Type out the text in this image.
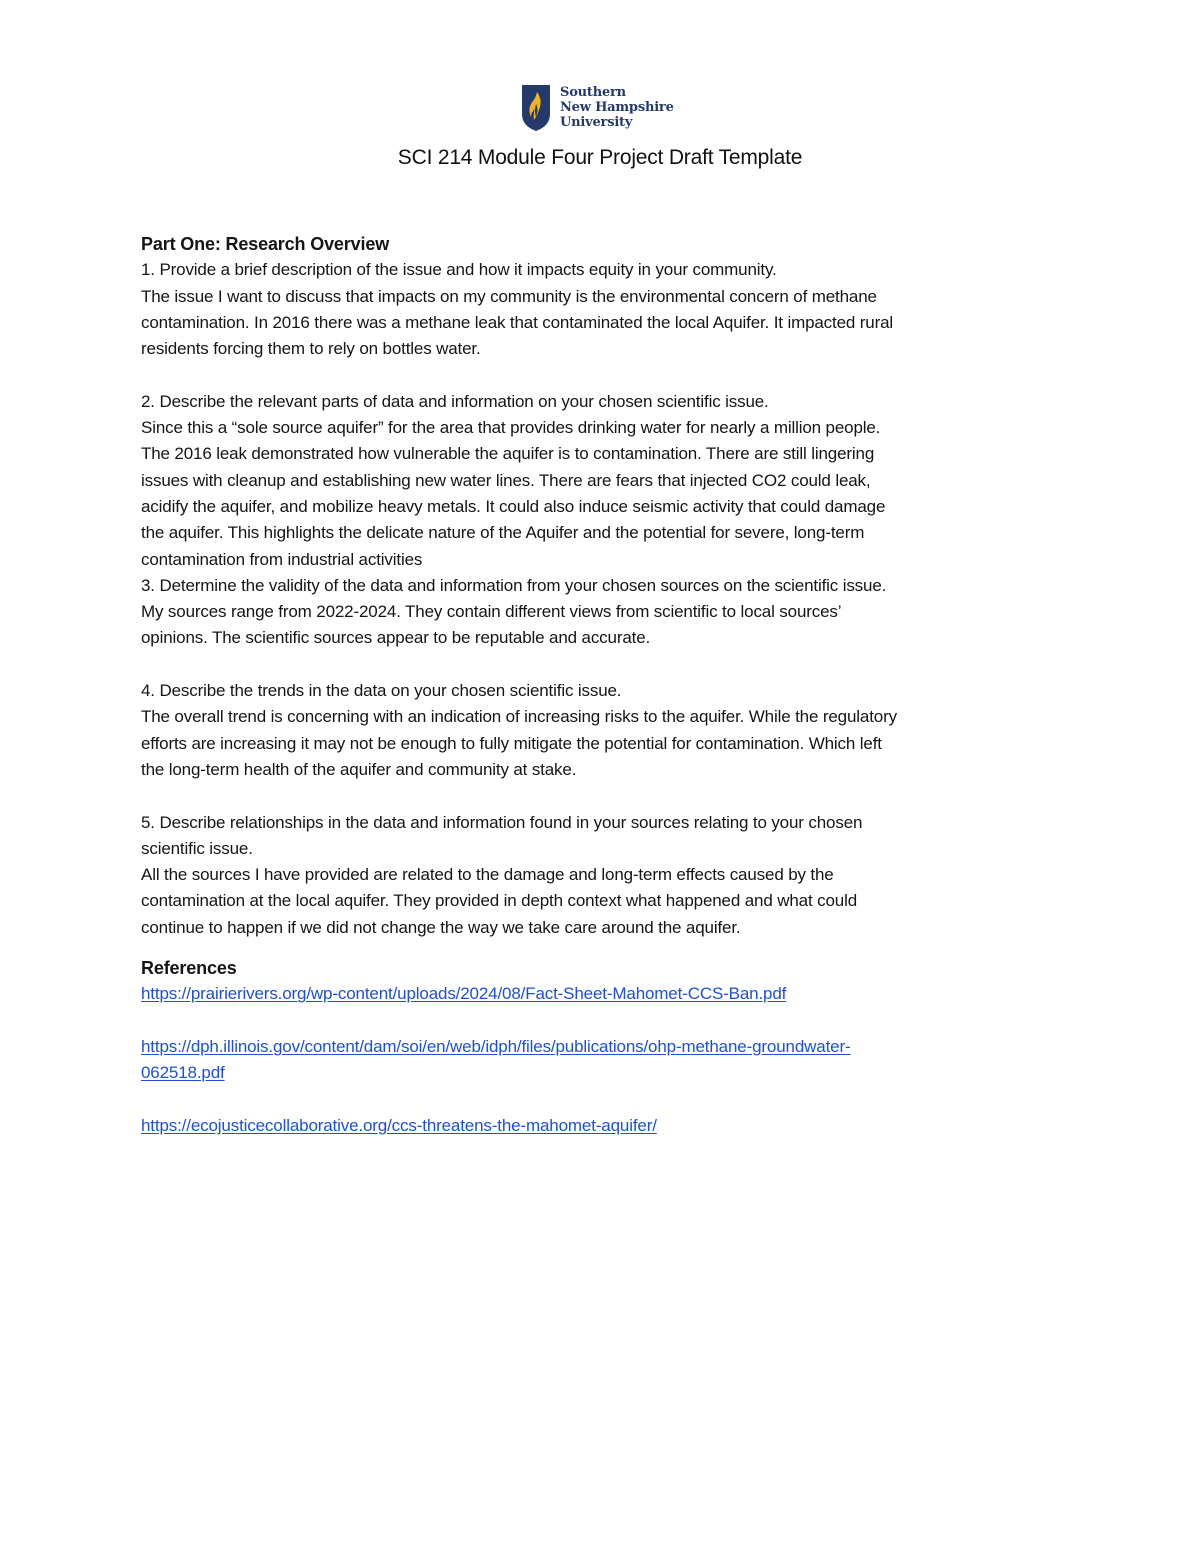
Southern
New Hampshire
University
SCI 214 Module Four Project Draft Template

Part One: Research Overview

1. Provide a brief description of the issue and how it impacts equity in your community.

The issue I want to discuss that impacts on my community is the environmental concern of methane

contamination. In 2016 there was a methane leak that contaminated the local Aquifer. It impacted rural

residents forcing them to rely on bottles water.

2. Describe the relevant parts of data and information on your chosen scientific issue.

Since this a “sole source aquifer” for the area that provides drinking water for nearly a million people.

The 2016 leak demonstrated how vulnerable the aquifer is to contamination. There are still lingering

issues with cleanup and establishing new water lines. There are fears that injected CO2 could leak,

acidify the aquifer, and mobilize heavy metals. It could also induce seismic activity that could damage

the aquifer. This highlights the delicate nature of the Aquifer and the potential for severe, long-term

contamination from industrial activities

3. Determine the validity of the data and information from your chosen sources on the scientific issue.

My sources range from 2022-2024. They contain different views from scientific to local sources’

opinions. The scientific sources appear to be reputable and accurate.

4. Describe the trends in the data on your chosen scientific issue.

The overall trend is concerning with an indication of increasing risks to the aquifer. While the regulatory

efforts are increasing it may not be enough to fully mitigate the potential for contamination. Which left

the long-term health of the aquifer and community at stake.

5. Describe relationships in the data and information found in your sources relating to your chosen

scientific issue.

All the sources I have provided are related to the damage and long-term effects caused by the

contamination at the local aquifer. They provided in depth context what happened and what could

continue to happen if we did not change the way we take care around the aquifer.

References

https://prairierivers.org/wp-content/uploads/2024/08/Fact-Sheet-Mahomet-CCS-Ban.pdf

https://dph.illinois.gov/content/dam/soi/en/web/idph/files/publications/ohp-methane-groundwater-

062518.pdf

https://ecojusticecollaborative.org/ccs-threatens-the-mahomet-aquifer/
